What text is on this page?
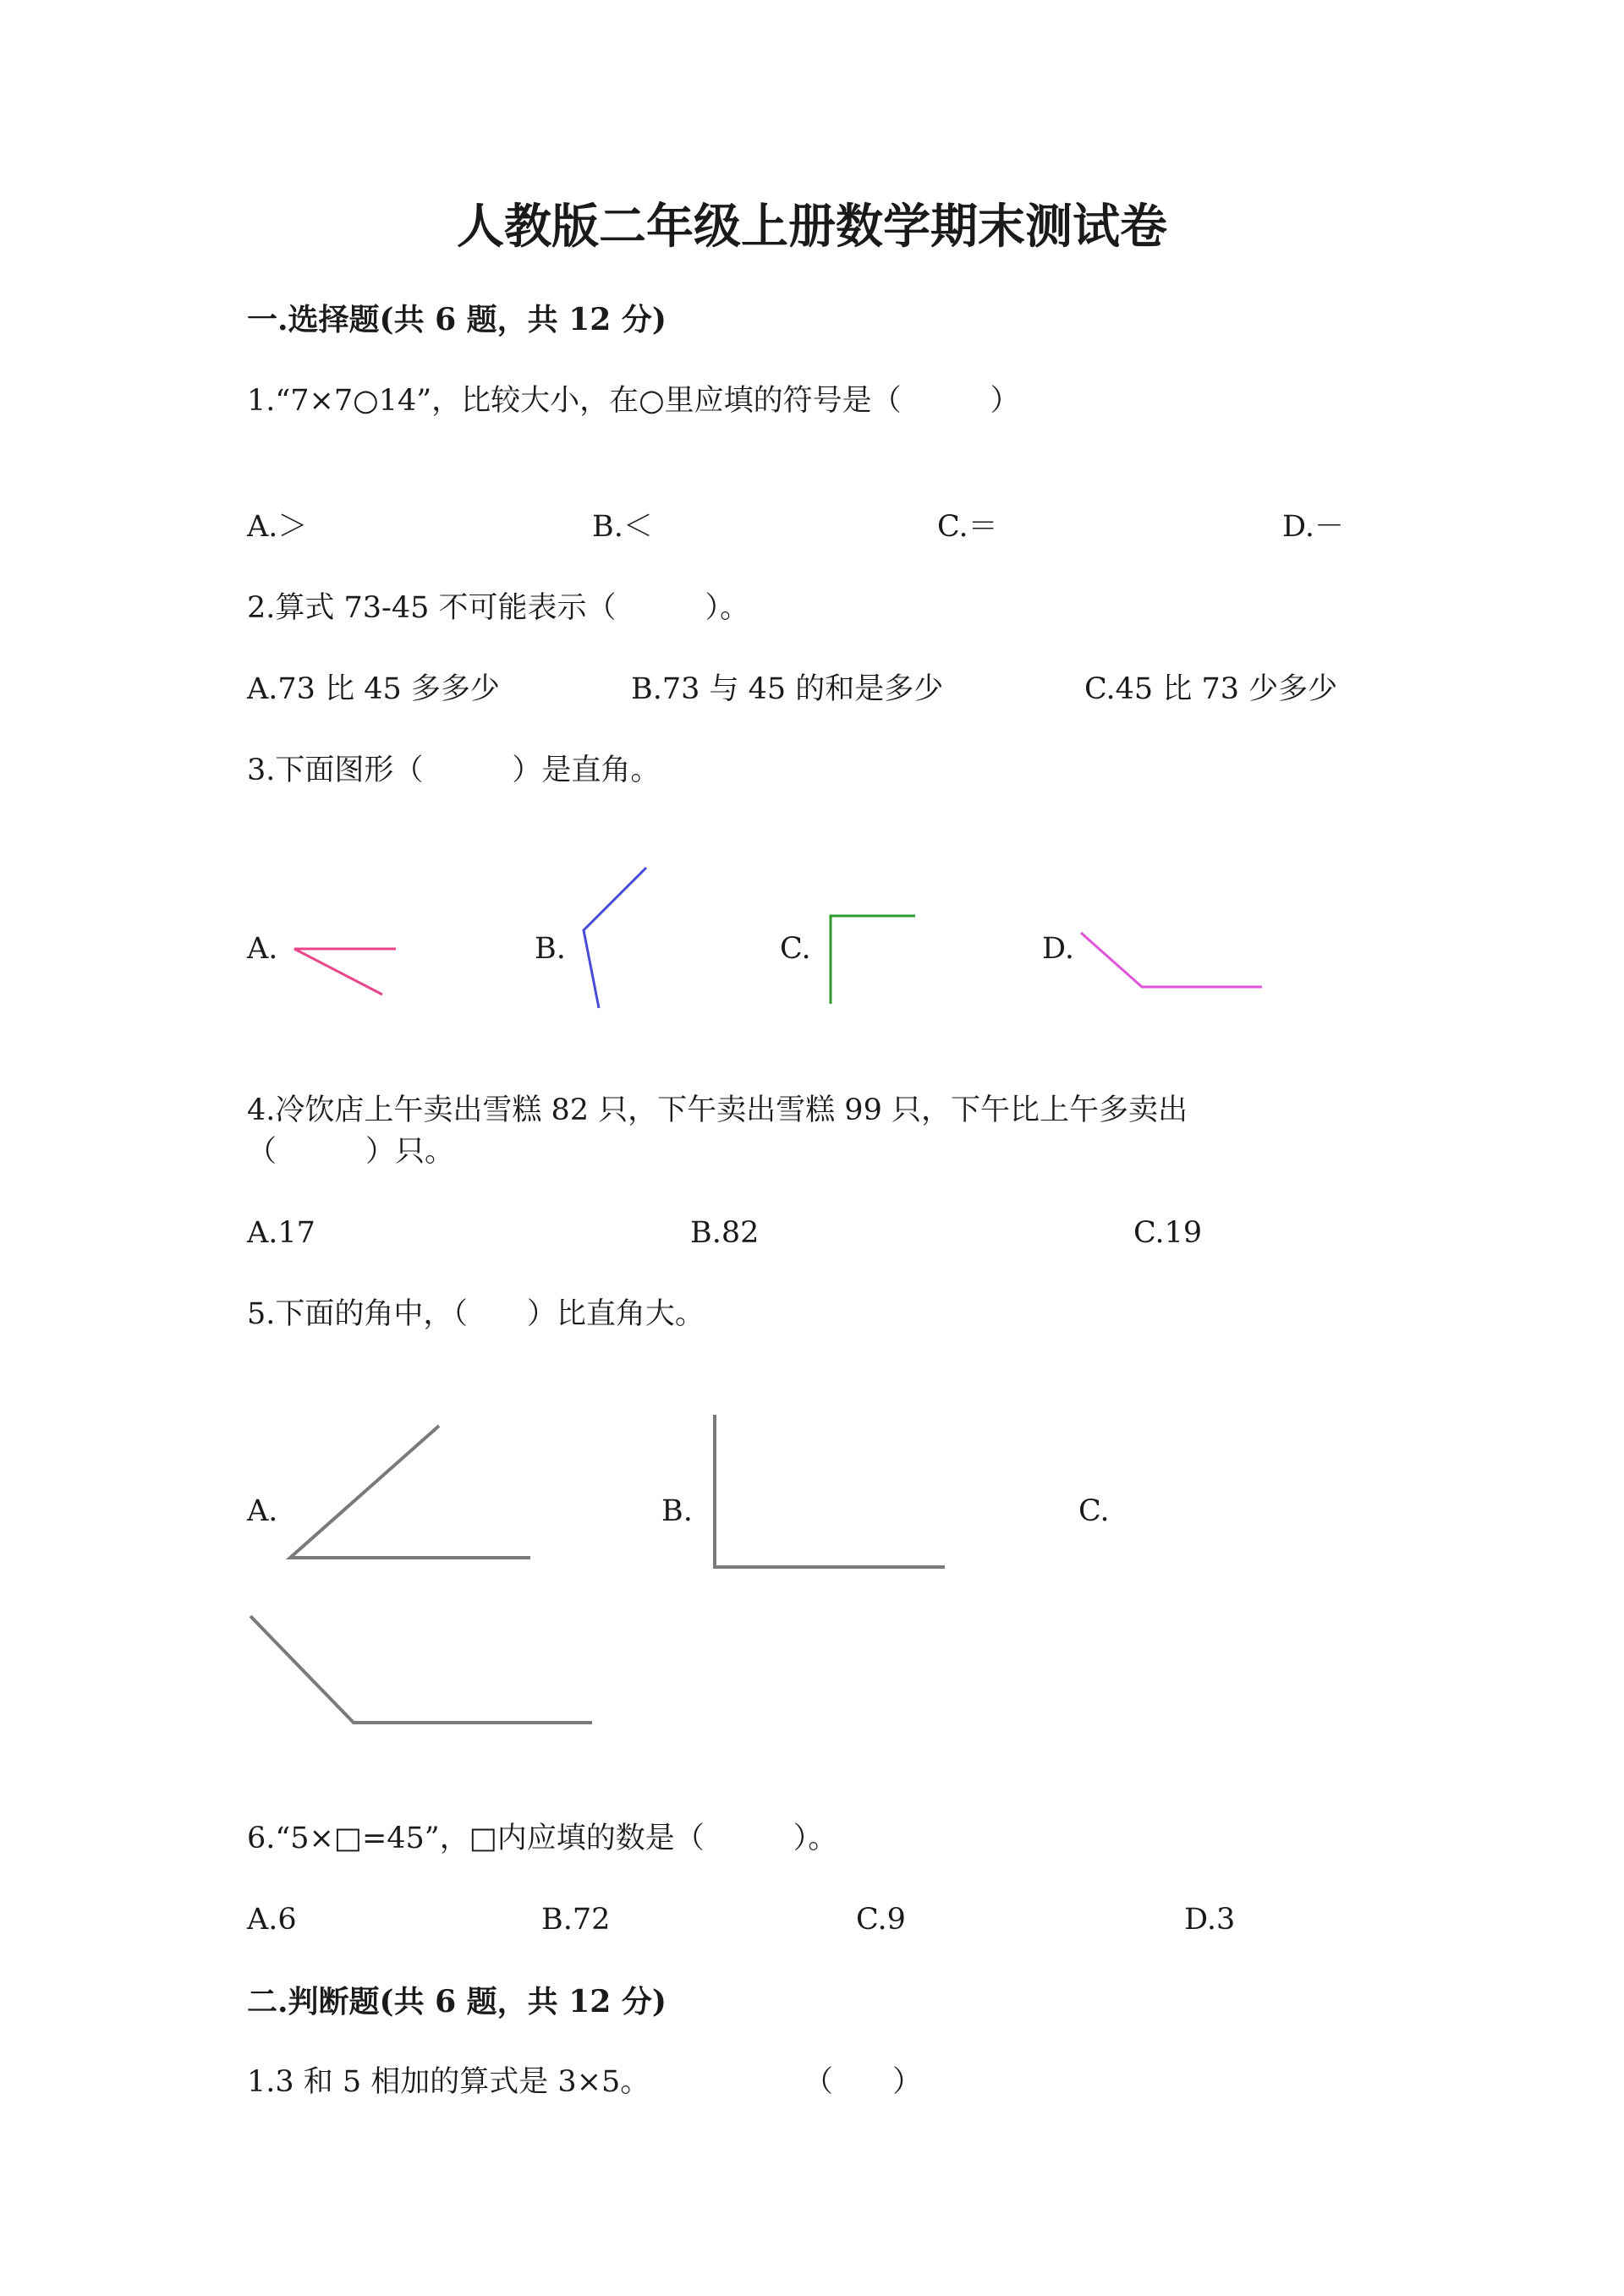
人教版二年级上册数学期末测试卷
一.选择题(共 6 题，共 12 分)
1.“7×7○14”，比较大小，在○里应填的符号是（　　　）
A.＞	B.＜	C.＝	D.－
2.算式 73-45 不可能表示（　　　）。
A.73 比 45 多多少	B.73 与 45 的和是多少	C.45 比 73 少多少
3.下面图形（　　　）是直角。
A.	B.	C.	D.
4.冷饮店上午卖出雪糕 82 只，下午卖出雪糕 99 只，下午比上午多卖出
（　　　）只。
A.17	B.82	C.19
5.下面的角中，（　　）比直角大。
A.	B.	C.
6.“5×□=45”，□内应填的数是（　　　）。
A.6	B.72	C.9	D.3
二.判断题(共 6 题，共 12 分)
1.3 和 5 相加的算式是 3×5。	（　　）
